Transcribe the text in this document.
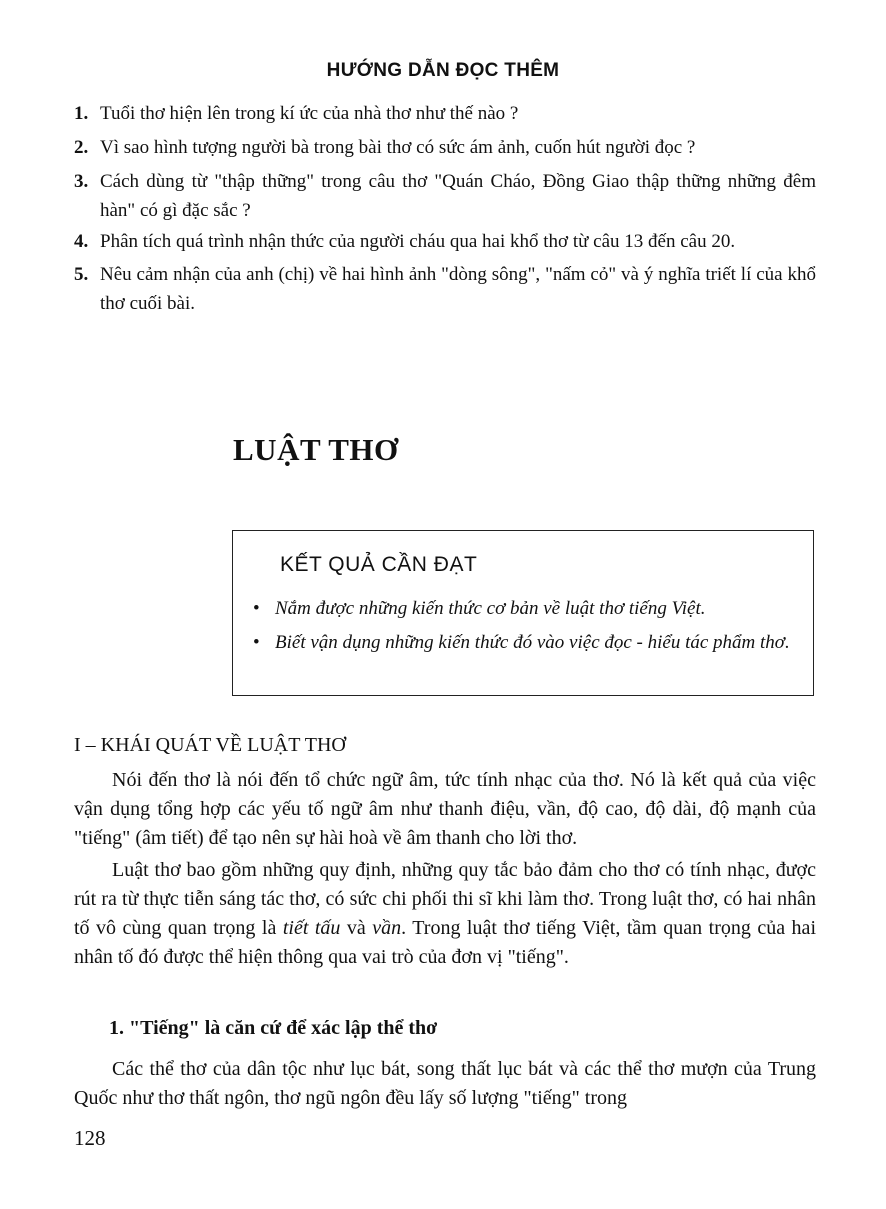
HƯỚNG DẪN ĐỌC THÊM
1. Tuổi thơ hiện lên trong kí ức của nhà thơ như thế nào ?
2. Vì sao hình tượng người bà trong bài thơ có sức ám ảnh, cuốn hút người đọc ?
3. Cách dùng từ "thập thững" trong câu thơ "Quán Cháo, Đồng Giao thập thững những đêm hàn" có gì đặc sắc ?
4. Phân tích quá trình nhận thức của người cháu qua hai khổ thơ từ câu 13 đến câu 20.
5. Nêu cảm nhận của anh (chị) về hai hình ảnh "dòng sông", "nấm cỏ" và ý nghĩa triết lí của khổ thơ cuối bài.
LUẬT THƠ
KẾT QUẢ CẦN ĐẠT
• Nắm được những kiến thức cơ bản về luật thơ tiếng Việt.
• Biết vận dụng những kiến thức đó vào việc đọc - hiểu tác phẩm thơ.
I – KHÁI QUÁT VỀ LUẬT THƠ
Nói đến thơ là nói đến tổ chức ngữ âm, tức tính nhạc của thơ. Nó là kết quả của việc vận dụng tổng hợp các yếu tố ngữ âm như thanh điệu, vần, độ cao, độ dài, độ mạnh của "tiếng" (âm tiết) để tạo nên sự hài hoà về âm thanh cho lời thơ.
Luật thơ bao gồm những quy định, những quy tắc bảo đảm cho thơ có tính nhạc, được rút ra từ thực tiễn sáng tác thơ, có sức chi phối thi sĩ khi làm thơ. Trong luật thơ, có hai nhân tố vô cùng quan trọng là tiết tấu và vần. Trong luật thơ tiếng Việt, tầm quan trọng của hai nhân tố đó được thể hiện thông qua vai trò của đơn vị "tiếng".
1. "Tiếng" là căn cứ để xác lập thể thơ
Các thể thơ của dân tộc như lục bát, song thất lục bát và các thể thơ mượn của Trung Quốc như thơ thất ngôn, thơ ngũ ngôn đều lấy số lượng "tiếng" trong
128
